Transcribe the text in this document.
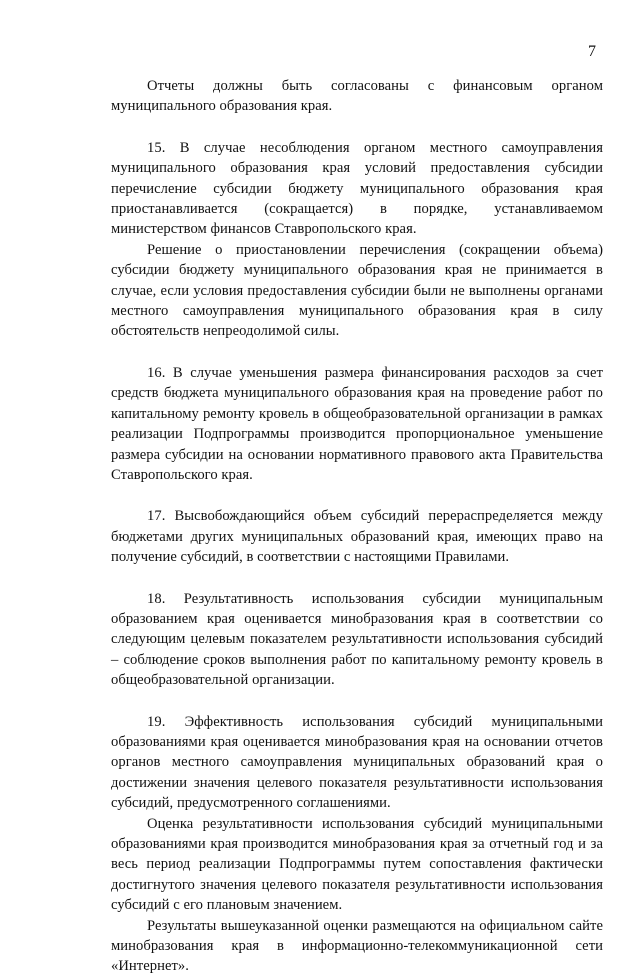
7

Отчеты должны быть согласованы с финансовым органом муниципального образования края.

15. В случае несоблюдения органом местного самоуправления муниципального образования края условий предоставления субсидии перечисление субсидии бюджету муниципального образования края приостанавливается (сокращается) в порядке, устанавливаемом министерством финансов Ставропольского края.

Решение о приостановлении перечисления (сокращении объема) субсидии бюджету муниципального образования края не принимается в случае, если условия предоставления субсидии были не выполнены органами местного самоуправления муниципального образования края в силу обстоятельств непреодолимой силы.

16. В случае уменьшения размера финансирования расходов за счет средств бюджета муниципального образования края на проведение работ по капитальному ремонту кровель в общеобразовательной организации в рамках реализации Подпрограммы производится пропорциональное уменьшение размера субсидии на основании нормативного правового акта Правительства Ставропольского края.

17. Высвобождающийся объем субсидий перераспределяется между бюджетами других муниципальных образований края, имеющих право на получение субсидий, в соответствии с настоящими Правилами.

18. Результативность использования субсидии муниципальным образованием края оценивается минобразования края в соответствии со следующим целевым показателем результативности использования субсидий – соблюдение сроков выполнения работ по капитальному ремонту кровель в общеобразовательной организации.

19. Эффективность использования субсидий муниципальными образованиями края оценивается минобразования края на основании отчетов органов местного самоуправления муниципальных образований края о достижении значения целевого показателя результативности использования субсидий, предусмотренного соглашениями.

Оценка результативности использования субсидий муниципальными образованиями края производится минобразования края за отчетный год и за весь период реализации Подпрограммы путем сопоставления фактически достигнутого значения целевого показателя результативности использования субсидий с его плановым значением.

Результаты вышеуказанной оценки размещаются на официальном сайте минобразования края в информационно-телекоммуникационной сети «Интернет».
